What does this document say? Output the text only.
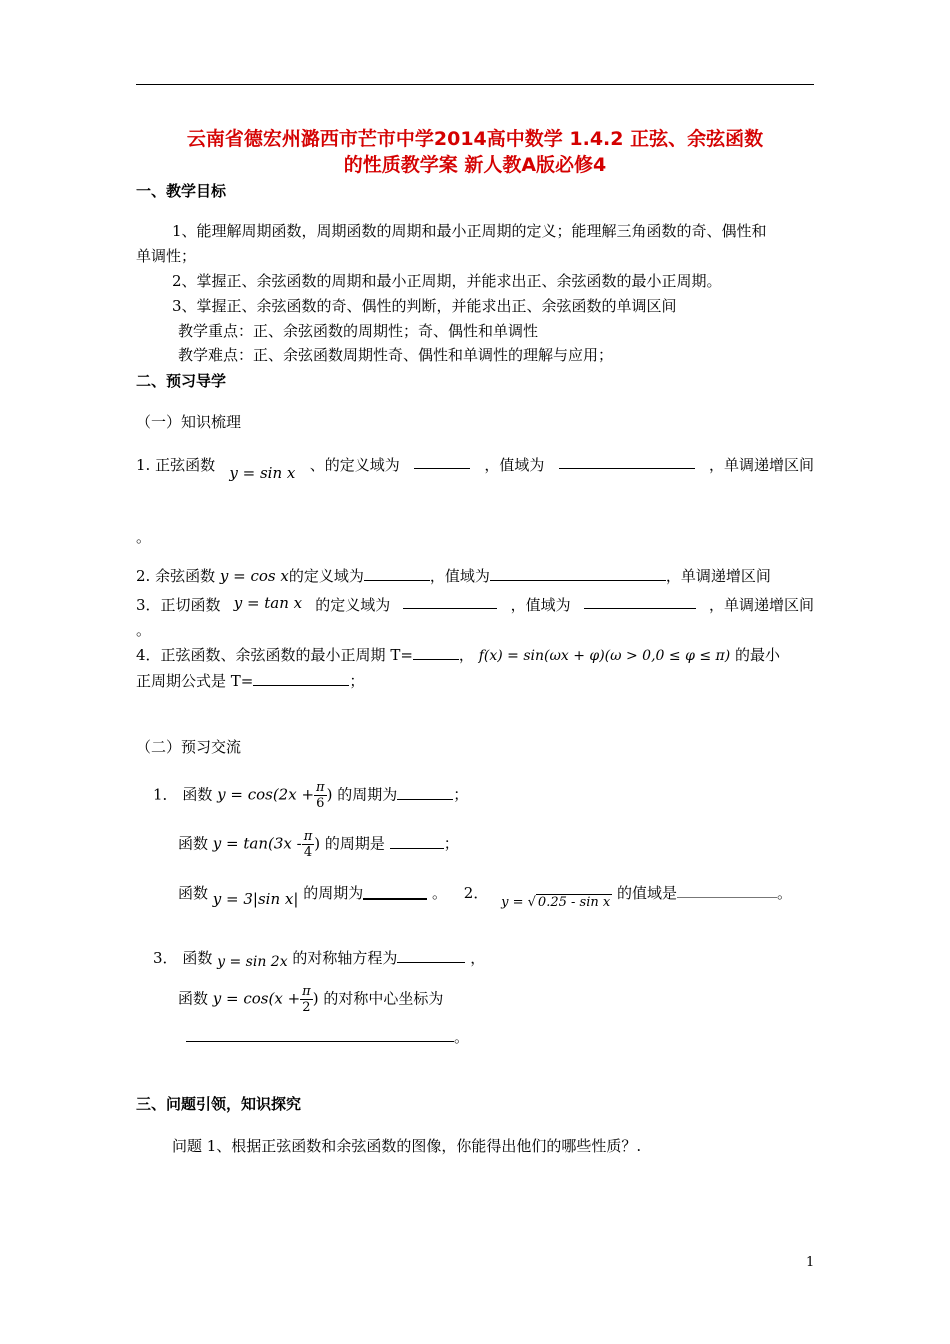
云南省德宏州潞西市芒市中学2014高中数学 1.4.2 正弦、余弦函数
的性质教学案 新人教A版必修4
一、教学目标
1、能理解周期函数，周期函数的周期和最小正周期的定义；能理解三角函数的奇、偶性和
单调性；
2、掌握正、余弦函数的周期和最小正周期，并能求出正、余弦函数的最小正周期。
3、掌握正、余弦函数的奇、偶性的判断，并能求出正、余弦函数的单调区间
教学重点：正、余弦函数的周期性；奇、偶性和单调性
教学难点：正、余弦函数周期性奇、偶性和单调性的理解与应用；
二、预习导学
（一）知识梳理
1. 正弦函数 y = sin x 、的定义域为	，值域为	，单调递增区间
。
2. 余弦函数 y = cos x的定义域为	，值域为	，单调递增区间
3．正切函数 y = tan x 的定义域为	，值域为	，单调递增区间
。
4．正弦函数、余弦函数的最小正周期 T=	， f(x) = sin(ωx + φ)(ω > 0,0 ≤ φ ≤ π) 的最小
正周期公式是 T=	；
（二）预习交流
1． 函数 $y = \cos(2x + \frac{\pi}{6}$ ) 的周期为	；
函数 $y = \tan(3x - \frac{\pi}{4}$ ) 的周期是	；
函数 y = 3|sin x| 的周期为	。 2． y = √ 0.25 - sin x 的值域是	。
3． 函数 y = sin 2x 的对称轴方程为	，
函数 $y = \cos(x + \frac{\pi}{2}$ ) 的对称中心坐标为
。
三、问题引领，知识探究
问题 1、根据正弦函数和余弦函数的图像，你能得出他们的哪些性质？.
1
